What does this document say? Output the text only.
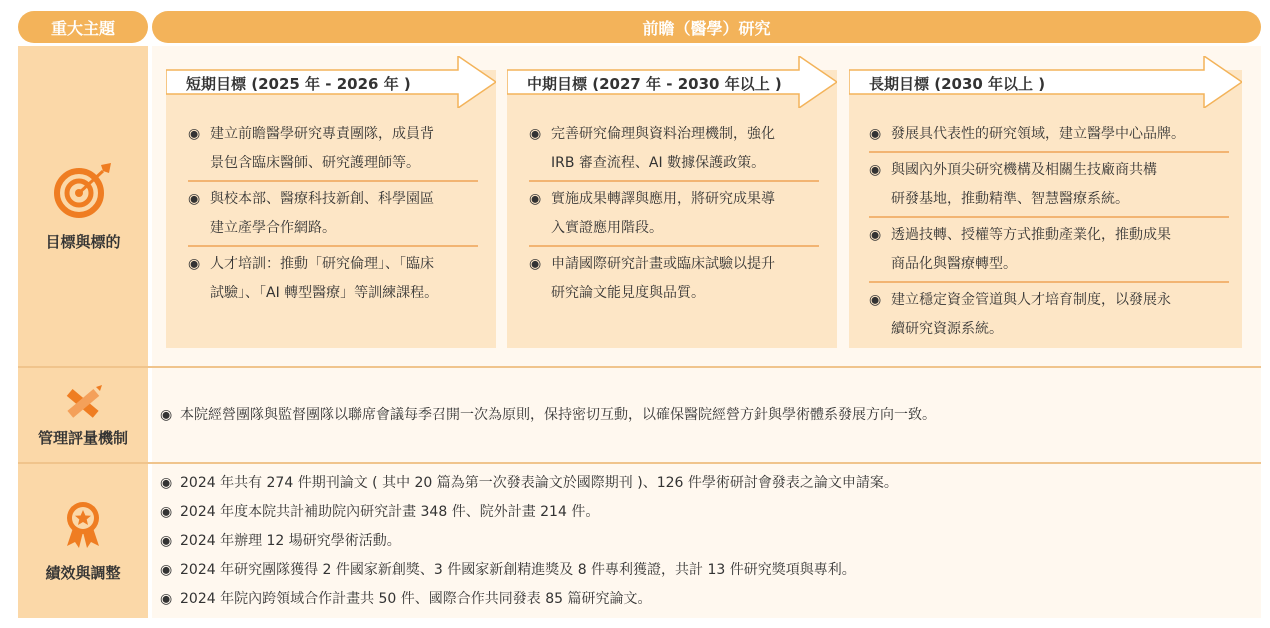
重大主題	前瞻（醫學）研究
目標與標的
短期目標 (2025 年 - 2026 年 )
◉ 建立前瞻醫學研究專責團隊，成員背
景包含臨床醫師、研究護理師等。
◉ 與校本部、醫療科技新創、科學園區
建立產學合作網路。
◉ 人才培訓：推動「研究倫理」、「臨床
試驗」、「AI 轉型醫療」等訓練課程。
中期目標 (2027 年 - 2030 年以上 )
◉ 完善研究倫理與資料治理機制，強化
IRB 審查流程、AI 數據保護政策。
◉ 實施成果轉譯與應用，將研究成果導
入實證應用階段。
◉ 申請國際研究計畫或臨床試驗以提升
研究論文能見度與品質。
長期目標 (2030 年以上 )
◉ 發展具代表性的研究領域，建立醫學中心品牌。
◉ 與國內外頂尖研究機構及相關生技廠商共構
研發基地，推動精準、智慧醫療系統。
◉ 透過技轉、授權等方式推動產業化，推動成果
商品化與醫療轉型。
◉ 建立穩定資金管道與人才培育制度，以發展永
續研究資源系統。
管理評量機制
◉ 本院經營團隊與監督團隊以聯席會議每季召開一次為原則，保持密切互動，以確保醫院經營方針與學術體系發展方向一致。
績效與調整
◉ 2024 年共有 274 件期刊論文 ( 其中 20 篇為第一次發表論文於國際期刊 )、126 件學術研討會發表之論文申請案。
◉ 2024 年度本院共計補助院內研究計畫 348 件、院外計畫 214 件。
◉ 2024 年辦理 12 場研究學術活動。
◉ 2024 年研究團隊獲得 2 件國家新創獎、3 件國家新創精進獎及 8 件專利獲證，共計 13 件研究獎項與專利。
◉ 2024 年院內跨領域合作計畫共 50 件、國際合作共同發表 85 篇研究論文。
